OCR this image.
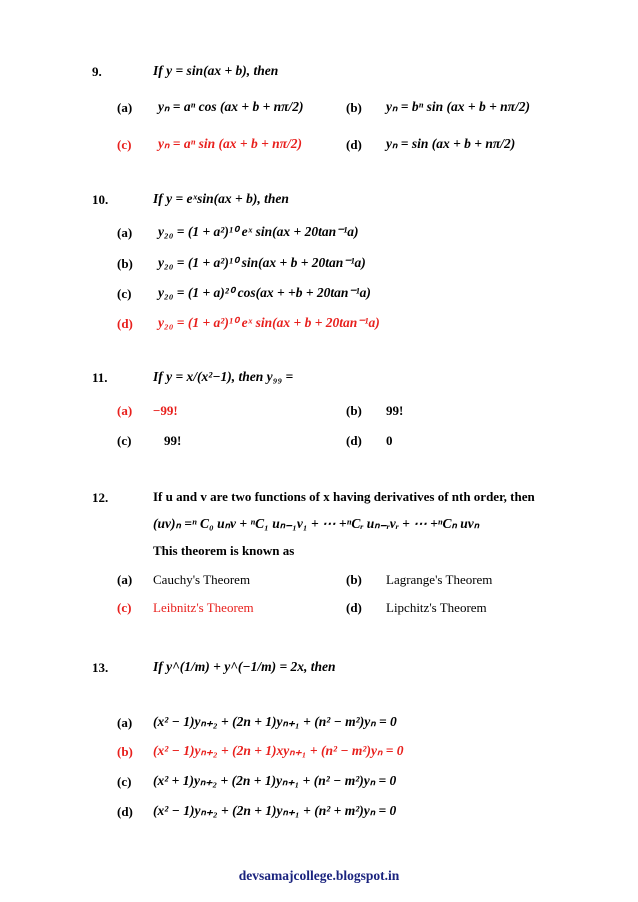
9.	If y = sin(ax + b), then
(a) yₙ = aⁿ cos (ax + b + nπ/2)	(b) yₙ = bⁿ sin (ax + b + nπ/2)
(c) yₙ = aⁿ sin (ax + b + nπ/2)	(d) yₙ = sin (ax + b + nπ/2)
10.	If y = eˣsin(ax + b), then
(a) y₂₀ = (1 + a²)¹⁰ eˣ sin(ax + 20tan⁻¹a)
(b) y₂₀ = (1 + a²)¹⁰ sin(ax + b + 20tan⁻¹a)
(c) y₂₀ = (1 + a)²⁰ cos(ax + +b + 20tan⁻¹a)
(d) y₂₀ = (1 + a²)¹⁰ eˣ sin(ax + b + 20tan⁻¹a)
11.	If y = x/(x²−1), then y₉₉ =
(a) −99!	(b) 99!
(c)	99!	(d) 0
12.	If u and v are two functions of x having derivatives of nth order, then
(uv)ₙ =ⁿ C₀ uₙv + ⁿC₁ uₙ₋₁v₁ + ⋯ +ⁿCᵣ uₙ₋ᵣvᵣ + ⋯ +ⁿCₙ uvₙ
This theorem is known as
(a) Cauchy's Theorem	(b) Lagrange's Theorem
(c) Leibnitz's Theorem	(d) Lipchitz's Theorem
13.	If y^(1/m) + y^(−1/m) = 2x, then
(a) (x² − 1)yₙ₊₂ + (2n + 1)yₙ₊₁ + (n² − m²)yₙ = 0
(b) (x² − 1)yₙ₊₂ + (2n + 1)xyₙ₊₁ + (n² − m²)yₙ = 0
(c) (x² + 1)yₙ₊₂ + (2n + 1)yₙ₊₁ + (n² − m²)yₙ = 0
(d) (x² − 1)yₙ₊₂ + (2n + 1)yₙ₊₁ + (n² + m²)yₙ = 0
devsamajcollege.blogspot.in
